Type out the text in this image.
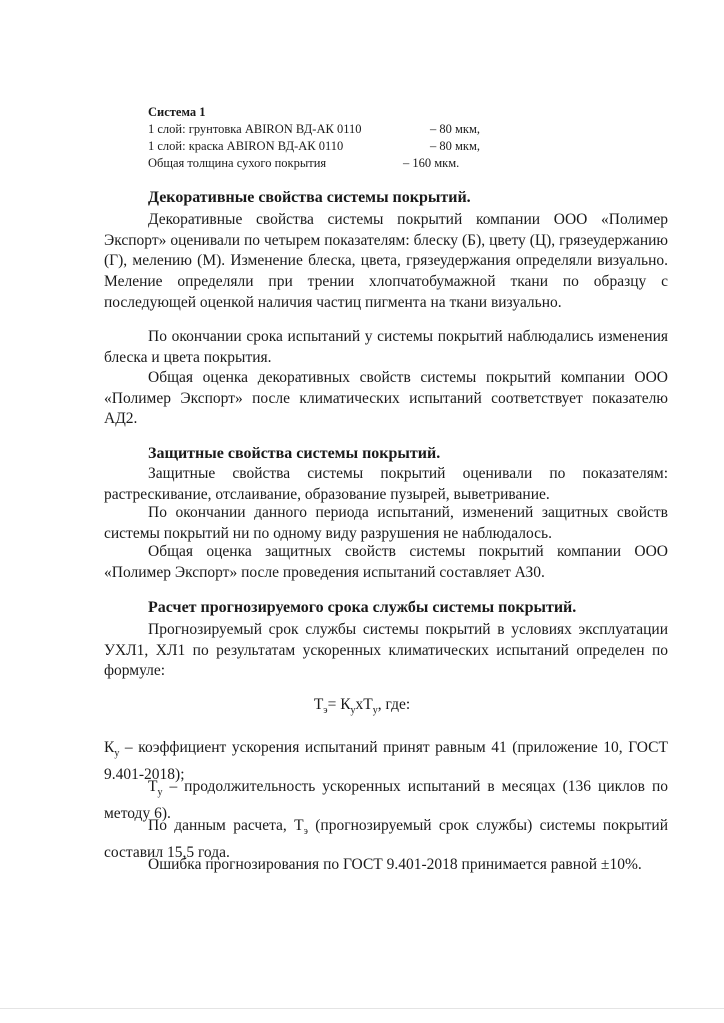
Система 1
1 слой: грунтовка ABIRON ВД-АК 0110	– 80 мкм,
1 слой: краска ABIRON ВД-АК 0110	– 80 мкм,
Общая толщина сухого покрытия	– 160 мкм.
Декоративные свойства системы покрытий.

Декоративные свойства системы покрытий компании ООО «Полимер Экспорт» оценивали по четырем показателям: блеску (Б), цвету (Ц), грязеудержанию (Г), мелению (М). Изменение блеска, цвета, грязеудержания определяли визуально. Меление определяли при трении хлопчатобумажной ткани по образцу с последующей оценкой наличия частиц пигмента на ткани визуально.

По окончании срока испытаний у системы покрытий наблюдались изменения блеска и цвета покрытия.

Общая оценка декоративных свойств системы покрытий компании ООО «Полимер Экспорт» после климатических испытаний соответствует показателю АД2.

Защитные свойства системы покрытий.

Защитные свойства системы покрытий оценивали по показателям: растрескивание, отслаивание, образование пузырей, выветривание.

По окончании данного периода испытаний, изменений защитных свойств системы покрытий ни по одному виду разрушения не наблюдалось.

Общая оценка защитных свойств системы покрытий компании ООО «Полимер Экспорт» после проведения испытаний составляет АЗ0.

Расчет прогнозируемого срока службы системы покрытий.

Прогнозируемый срок службы системы покрытий в условиях эксплуатации УХЛ1, ХЛ1 по результатам ускоренных климатических испытаний определен по формуле:

$Т_э= К_ухТ_у$, где:

$К_у$ – коэффициент ускорения испытаний принят равным 41 (приложение 10, ГОСТ 9.401-2018);

$Т_у$ – продолжительность ускоренных испытаний в месяцах (136 циклов по методу 6).

По данным расчета, $Т_э$ (прогнозируемый срок службы) системы покрытий составил 15,5 года.

Ошибка прогнозирования по ГОСТ 9.401-2018 принимается равной ±10%.
